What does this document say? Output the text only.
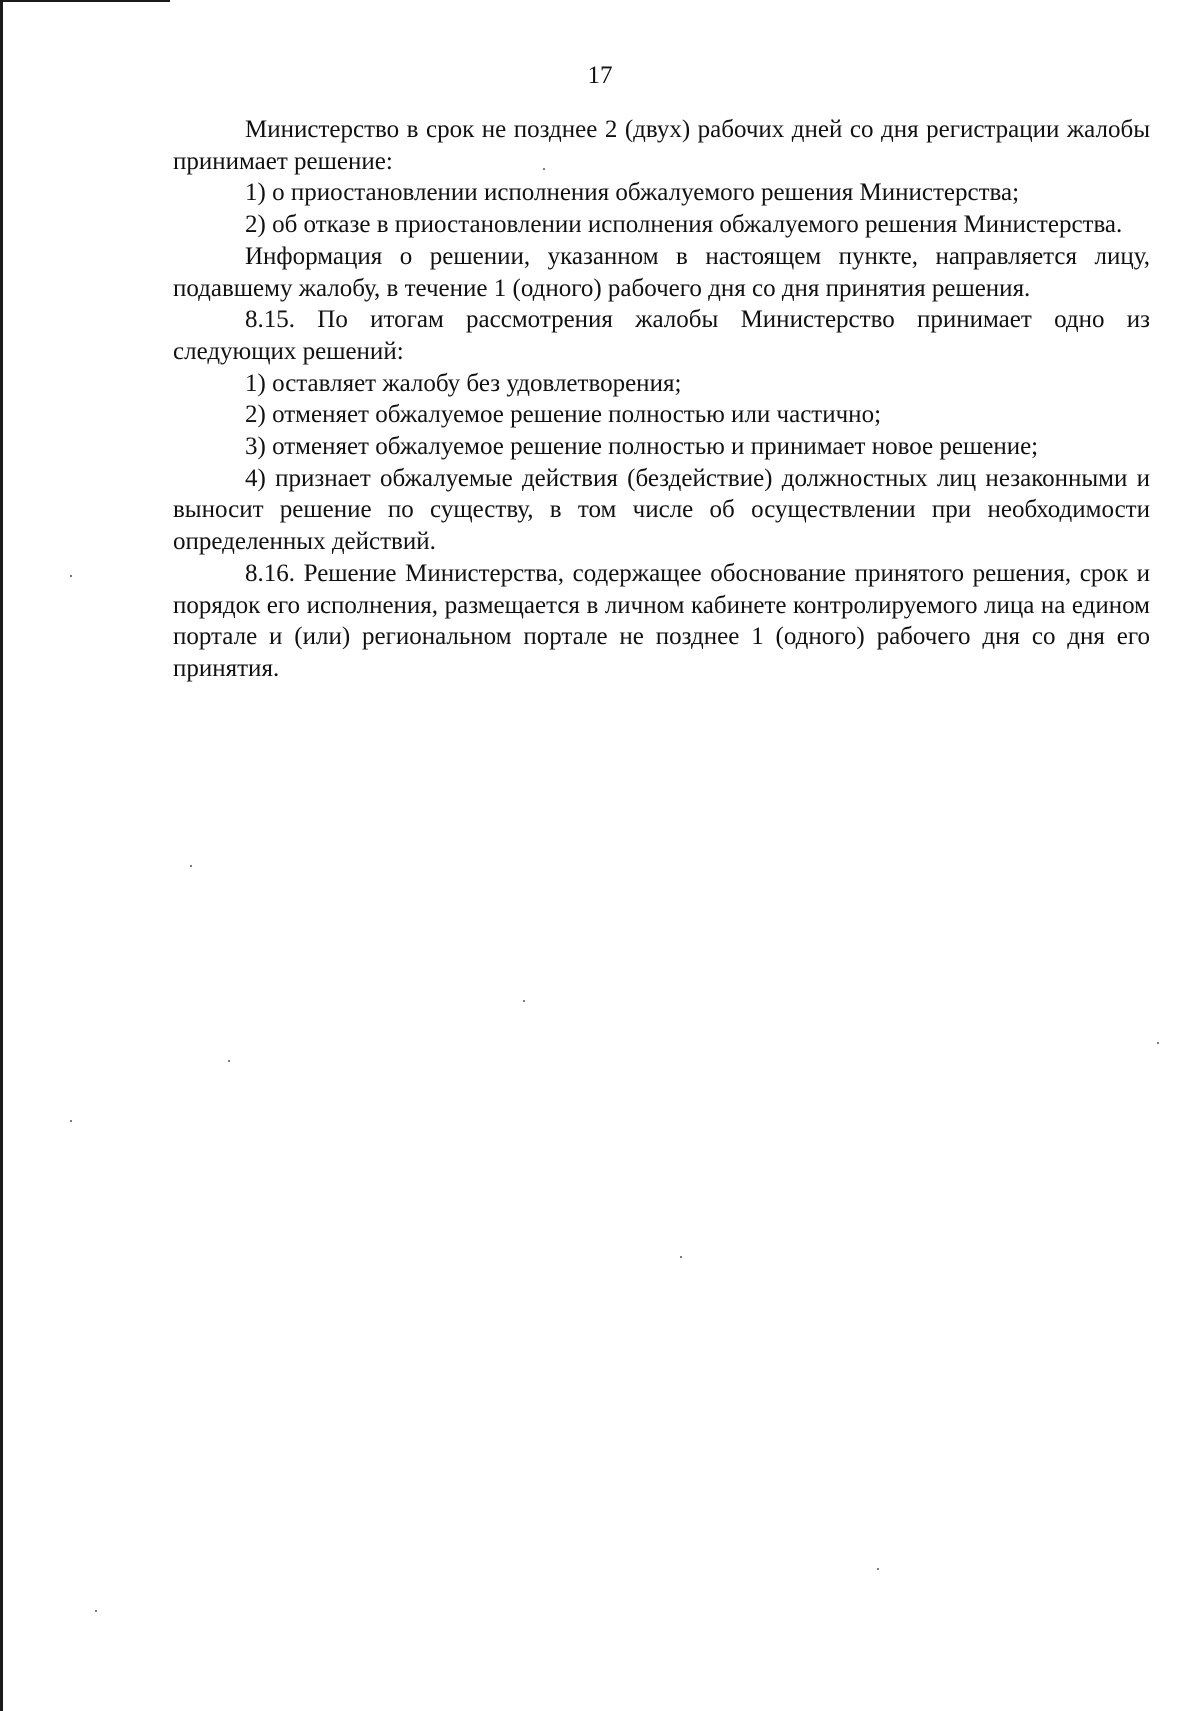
17

Министерство в срок не позднее 2 (двух) рабочих дней со дня регистрации жалобы принимает решение:

1) о приостановлении исполнения обжалуемого решения Министерства;

2) об отказе в приостановлении исполнения обжалуемого решения Министерства.

Информация о решении, указанном в настоящем пункте, направляется лицу, подавшему жалобу, в течение 1 (одного) рабочего дня со дня принятия решения.

8.15. По итогам рассмотрения жалобы Министерство принимает одно из следующих решений:

1) оставляет жалобу без удовлетворения;

2) отменяет обжалуемое решение полностью или частично;

3) отменяет обжалуемое решение полностью и принимает новое решение;

4) признает обжалуемые действия (бездействие) должностных лиц незаконными и выносит решение по существу, в том числе об осуществлении при необходимости определенных действий.

8.16. Решение Министерства, содержащее обоснование принятого решения, срок и порядок его исполнения, размещается в личном кабинете контролируемого лица на едином портале и (или) региональном портале не позднее 1 (одного) рабочего дня со дня его принятия.
